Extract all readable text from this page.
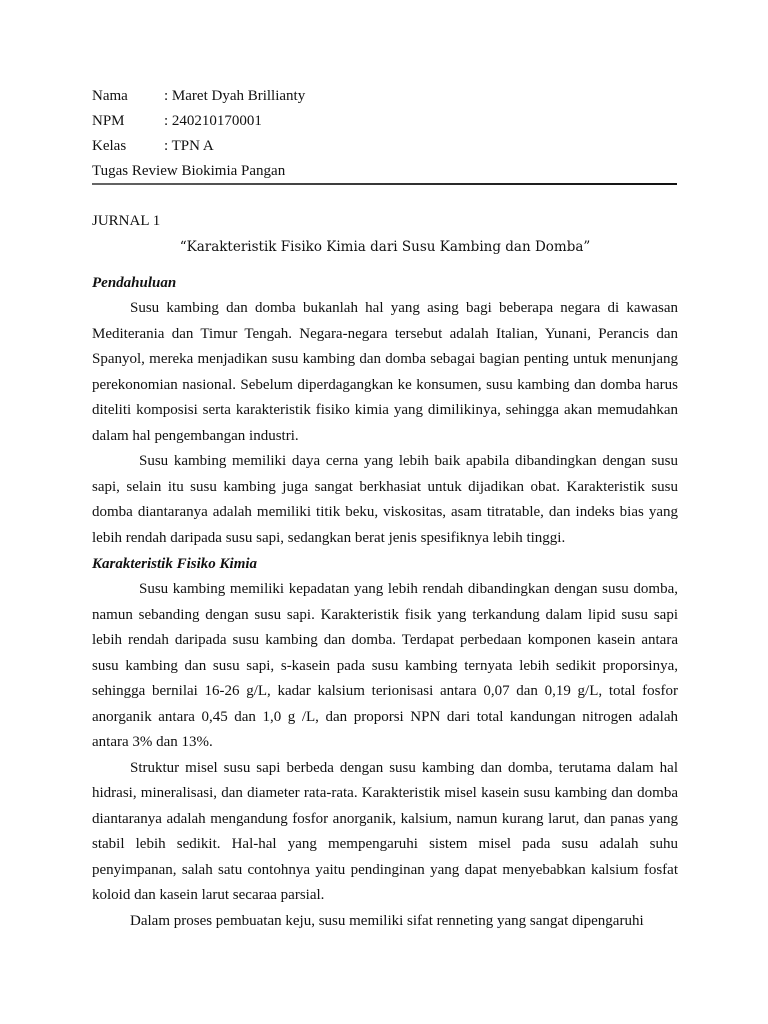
Nama	: Maret Dyah Brillianty
NPM	: 240210170001
Kelas	: TPN A
Tugas Review Biokimia Pangan
JURNAL 1
“Karakteristik Fisiko Kimia dari Susu Kambing dan Domba”
Pendahuluan

Susu kambing dan domba bukanlah hal yang asing bagi beberapa negara di kawasan Mediterania dan Timur Tengah. Negara-negara tersebut adalah Italian, Yunani, Perancis dan Spanyol, mereka menjadikan susu kambing dan domba sebagai bagian penting untuk menunjang perekonomian nasional. Sebelum diperdagangkan ke konsumen, susu kambing dan domba harus diteliti komposisi serta karakteristik fisiko kimia yang dimilikinya, sehingga akan memudahkan dalam hal pengembangan industri.

Susu kambing memiliki daya cerna yang lebih baik apabila dibandingkan dengan susu sapi, selain itu susu kambing juga sangat berkhasiat untuk dijadikan obat. Karakteristik susu domba diantaranya adalah memiliki titik beku, viskositas, asam titratable, dan indeks bias yang lebih rendah daripada susu sapi, sedangkan berat jenis spesifiknya lebih tinggi.

Karakteristik Fisiko Kimia

Susu kambing memiliki kepadatan yang lebih rendah dibandingkan dengan susu domba, namun sebanding dengan susu sapi. Karakteristik fisik yang terkandung dalam lipid susu sapi lebih rendah daripada susu kambing dan domba. Terdapat perbedaan komponen kasein antara susu kambing dan susu sapi, s-kasein pada susu kambing ternyata lebih sedikit proporsinya, sehingga bernilai 16-26 g/L, kadar kalsium terionisasi antara 0,07 dan 0,19 g/L, total fosfor anorganik antara 0,45 dan 1,0 g /L, dan proporsi NPN dari total kandungan nitrogen adalah antara 3% dan 13%.

Struktur misel susu sapi berbeda dengan susu kambing dan domba, terutama dalam hal hidrasi, mineralisasi, dan diameter rata-rata. Karakteristik misel kasein susu kambing dan domba diantaranya adalah mengandung fosfor anorganik, kalsium, namun kurang larut, dan panas yang stabil lebih sedikit. Hal-hal yang mempengaruhi sistem misel pada susu adalah suhu penyimpanan, salah satu contohnya yaitu pendinginan yang dapat menyebabkan kalsium fosfat koloid dan kasein larut secaraa parsial.

Dalam proses pembuatan keju, susu memiliki sifat renneting yang sangat dipengaruhi
